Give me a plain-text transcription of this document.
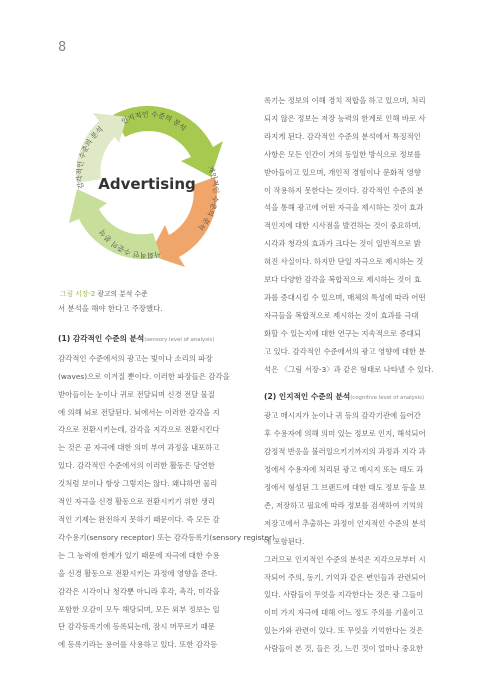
8
인지적인 수준의 분석
개인적인 수준의 분석
사회적인 수준의 분석
감각적인 수준의 분석
Advertising
그림 서장-2 광고의 분석 수준
서 분석을 해야 한다고 주장했다.
(1) 감각적인 수준의 분석(sensory level of analysis)
감각적인 수준에서의 광고는 빛이나 소리의 파장
(waves)으로 이겨질 뿐이다. 이러한 파장들은 감각을
받아들이는 눈이나 귀로 전달되며 신경 전달 물질
에 의해 뇌로 전달된다. 뇌에서는 이러한 감각을 지
각으로 전환시키는데, 감각을 지각으로 전환시킨다
는 것은 곧 자극에 대한 의미 부여 과정을 내포하고
있다. 감각적인 수준에서의 이러한 활동은 당연한
것처럼 보이나 항상 그렇지는 않다. 왜냐하면 물리
적인 자극을 신경 활동으로 전환시키기 위한 생리
적인 기제는 완전하지 못하기 때문이다. 즉 모든 감
각수용기(sensory receptor) 또는 감각등록기(sensory register)
는 그 능력에 한계가 있기 때문에 자극에 대한 수용
을 신경 활동으로 전환시키는 과정에 영향을 준다.
감각은 시각이나 청각뿐 아니라 후각, 촉각, 미각을
포함한 오감이 모두 해당되며, 모든 외부 정보는 일
단 감각등록기에 등록되는데, 잠시 머무르기 때문
에 등록기라는 용어를 사용하고 있다. 또한 감각등
록기는 정보의 이해 경치 적합을 하고 있으며, 처리
되지 않은 정보는 저장 능력의 한계로 인해 바로 사
라지게 된다. 감각적인 수준의 분석에서 특징적인
사항은 모든 인간이 거의 동일한 방식으로 정보를
받아들이고 있으며, 개인적 경험이나 문화적 영향
이 작용하지 못한다는 것이다. 감각적인 수준의 분
석을 통해 광고에 어떤 자극을 제시하는 것이 효과
적인지에 대한 시사점을 발견하는 것이 중요하며,
시각과 청각의 효과가 크다는 것이 일반적으로 밝
혀진 사실이다. 하지만 단일 자극으로 제시하는 것
보다 다양한 감각을 복합적으로 제시하는 것이 효
과를 증대시킬 수 있으며, 매체의 특성에 따라 어떤
자극들을 복합적으로 제시하는 것이 효과를 극대
화할 수 있는지에 대한 연구는 지속적으로 증대되
고 있다. 감각적인 수준에서의 광고 영향에 대한 분
석은 〈그림 서장-3〉과 같은 형태로 나타낼 수 있다.
(2) 인지적인 수준의 분석(cognitive level of analysis)
광고 메시지가 눈이나 귀 등의 감각기관에 들어간
후 수용자에 의해 의미 있는 정보로 인지, 해석되어
감정적 반응을 불러일으키기까지의 과정과 지각 과
정에서 수용자에 처리된 광고 메시지 또는 태도 과
정에서 형성된 그 브랜드에 대한 태도 정보 등을 보
존, 저장하고 필요에 따라 정보를 검색하여 기억의
저장고에서 추출하는 과정이 인지적인 수준의 분석
에 포함된다.
그러므로 인지적인 수준의 분석은 지각으로부터 시
작되어 주의, 동기, 기억과 같은 변인들과 관련되어
있다. 사람들이 무엇을 지각한다는 것은 광 그들이
이미 가지 자극에 대해 어느 정도 주의를 기울이고
있는가와 관련이 있다. 또 무엇을 기억한다는 것은
사람들이 본 것, 들은 것, 느낀 것이 얼마나 중요한
